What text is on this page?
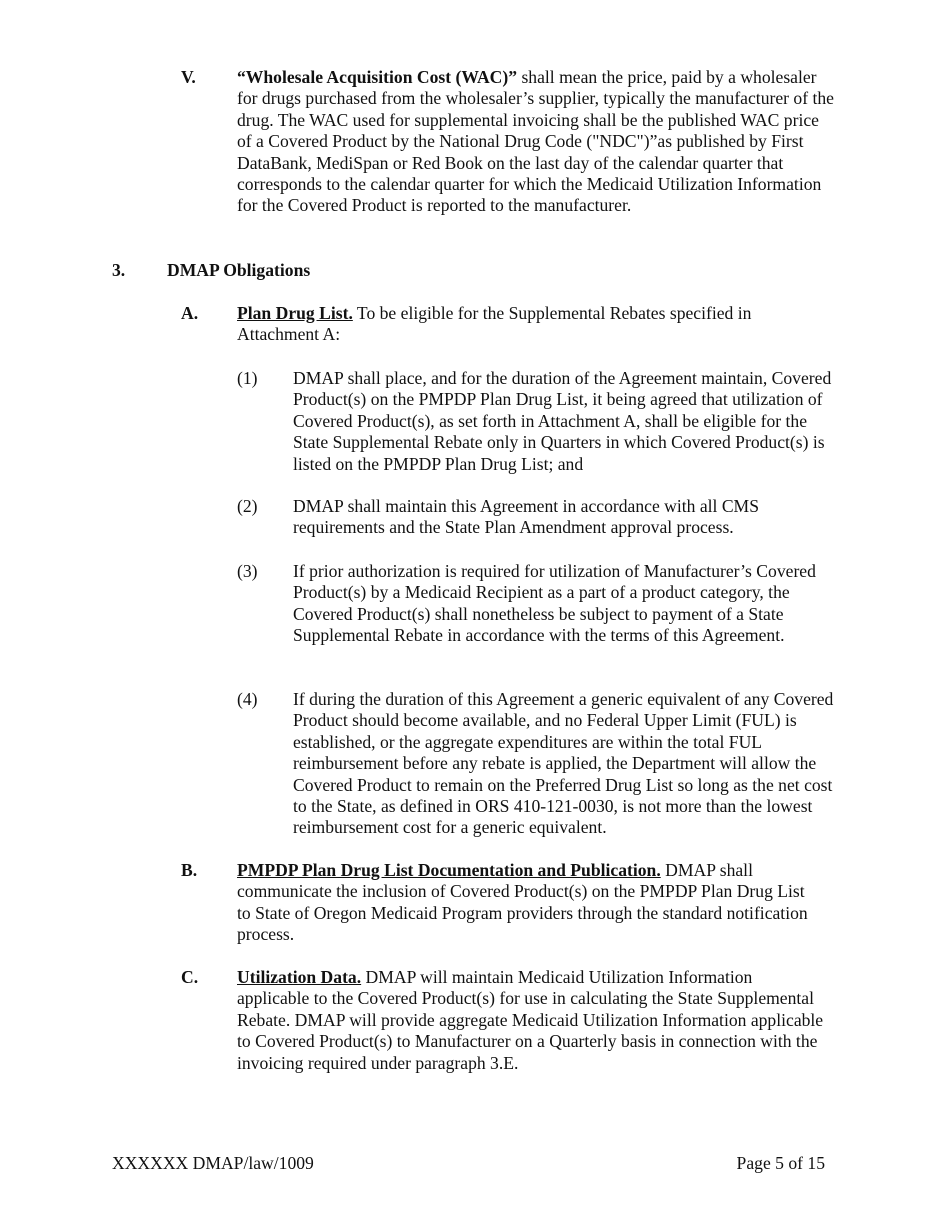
V. “Wholesale Acquisition Cost (WAC)” shall mean the price, paid by a wholesaler for drugs purchased from the wholesaler’s supplier, typically the manufacturer of the drug. The WAC used for supplemental invoicing shall be the published WAC price of a Covered Product by the National Drug Code ("NDC")”as published by First DataBank, MediSpan or Red Book on the last day of the calendar quarter that corresponds to the calendar quarter for which the Medicaid Utilization Information for the Covered Product is reported to the manufacturer.

3. DMAP Obligations
A. Plan Drug List. To be eligible for the Supplemental Rebates specified in Attachment A:

(1) DMAP shall place, and for the duration of the Agreement maintain, Covered Product(s) on the PMPDP Plan Drug List, it being agreed that utilization of Covered Product(s), as set forth in Attachment A, shall be eligible for the State Supplemental Rebate only in Quarters in which Covered Product(s) is listed on the PMPDP Plan Drug List; and

(2) DMAP shall maintain this Agreement in accordance with all CMS requirements and the State Plan Amendment approval process.

(3) If prior authorization is required for utilization of Manufacturer’s Covered Product(s) by a Medicaid Recipient as a part of a product category, the Covered Product(s) shall nonetheless be subject to payment of a State Supplemental Rebate in accordance with the terms of this Agreement.

(4) If during the duration of this Agreement a generic equivalent of any Covered Product should become available, and no Federal Upper Limit (FUL) is established, or the aggregate expenditures are within the total FUL reimbursement before any rebate is applied, the Department will allow the Covered Product to remain on the Preferred Drug List so long as the net cost to the State, as defined in ORS 410-121-0030, is not more than the lowest reimbursement cost for a generic equivalent.

B. PMPDP Plan Drug List Documentation and Publication. DMAP shall communicate the inclusion of Covered Product(s) on the PMPDP Plan Drug List to State of Oregon Medicaid Program providers through the standard notification process.

C. Utilization Data. DMAP will maintain Medicaid Utilization Information applicable to the Covered Product(s) for use in calculating the State Supplemental Rebate. DMAP will provide aggregate Medicaid Utilization Information applicable to Covered Product(s) to Manufacturer on a Quarterly basis in connection with the invoicing required under paragraph 3.E.

XXXXXX DMAP/law/1009	Page 5 of 15
